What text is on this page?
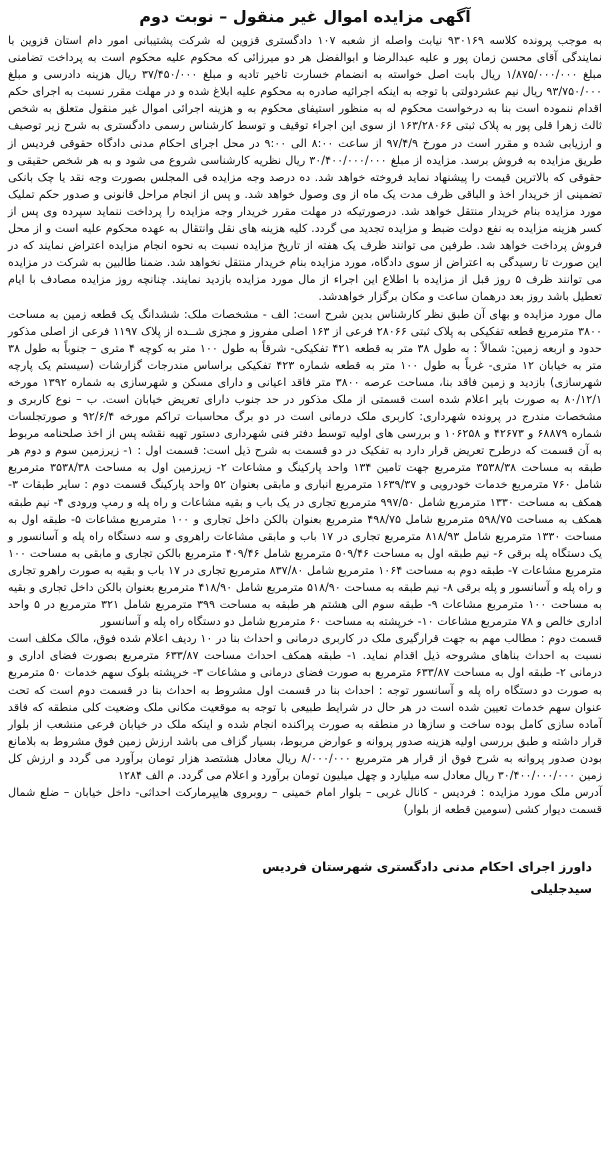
آگهی مزایده اموال غیر منقول – نوبت دوم

به موجب پرونده کلاسه ۹۳۰۱۶۹ نیابت واصله از شعبه ۱۰۷ دادگستری قزوین له شرکت پشتیبانی امور دام استان قزوین با نمایندگی آقای محسن زمان پور و علیه عبدالرضا و ابوالفضل هر دو میرزائی که محکوم علیه محکوم است به پرداخت تضامنی مبلغ ۱/۸۷۵/۰۰۰/۰۰۰ ریال بابت اصل خواسته به انضمام خسارت تاخیر تادیه و مبلغ ۳۷/۴۵۰/۰۰۰ ریال هزینه دادرسی و مبلغ ۹۳/۷۵۰/۰۰۰ ریال نیم عشردولتی با توجه به اینکه اجرائیه صادره به محکوم علیه ابلاغ شده و در مهلت مقرر نسبت به اجرای حکم اقدام ننموده است بنا به درخواست محکوم له به منظور استیفای محکوم به و هزینه اجرائی اموال غیر منقول متعلق به شخص ثالث زهرا قلی پور به پلاک ثبتی ۱۶۳/۲۸۰۶۶ از سوی این اجراء توقیف و توسط کارشناس رسمی دادگستری به شرح زیر توصیف و ارزیابی شده و مقرر است در مورخ ۹۷/۴/۹ از ساعت ۸:۰۰ الی ۹:۰۰ در محل اجرای احکام مدنی دادگاه حقوقی فردیس از طریق مزایده به فروش برسد. مزایده از مبلغ ۳۰/۴۰۰/۰۰۰/۰۰۰ ریال نظریه کارشناسی شروع می شود و به هر شخص حقیقی و حقوقی که بالاترین قیمت را پیشنهاد نماید فروخته خواهد شد. ده درصد وجه مزایده فی المجلس بصورت وجه نقد یا چک بانکی تضمینی از خریدار اخذ و الباقی ظرف مدت یک ماه از وی وصول خواهد شد. و پس از انجام مراحل قانونی و صدور حکم تملیک مورد مزایده بنام خریدار منتقل خواهد شد. درصورتیکه در مهلت مقرر خریدار وجه مزایده را پرداخت ننماید سپرده وی پس از کسر هزینه مزایده به نفع دولت ضبط و مزایده تجدید می گردد. کلیه هزینه های نقل وانتقال به عهده محکوم علیه است و از محل فروش پرداخت خواهد شد. طرفین می توانند ظرف یک هفته از تاریخ مزایده نسبت به نحوه انجام مزایده اعتراض نمایند که در این صورت تا رسیدگی به اعتراض از سوی دادگاه، مورد مزایده بنام خریدار منتقل نخواهد شد. ضمنا طالبین به شرکت در مزایده می توانند ظرف ۵ روز قبل از مزایده با اطلاع این اجراء از مال مورد مزایده بازدید نمایند. چنانچه روز مزایده مصادف با ایام تعطیل باشد روز بعد درهمان ساعت و مکان برگزار خواهدشد.

مال مورد مزایده و بهای آن طبق نظر کارشناس بدین شرح است: الف - مشخصات ملک: ششدانگ یک قطعه زمین به مساحت ۳۸۰۰ مترمربع قطعه تفکیکی به پلاک ثبتی ۲۸۰۶۶ فرعی از ۱۶۳ اصلی مفروز و مجزی شــده از پلاک ۱۱۹۷ فرعی از اصلی مذکور حدود و اربعه زمین: شمالاً : به طول ۳۸ متر به قطعه ۴۲۱ تفکیکی- شرقاً به طول ۱۰۰ متر به کوچه ۴ متری – جنوباً به طول ۳۸ متر به خیابان ۱۲ متری- غرباً به طول ۱۰۰ متر به قطعه شماره ۴۲۳ تفکیکی براساس مندرجات گزارشات (سیستم یک پارچه شهرسازی) بازدید و زمین فاقد بنا، مساحت عرصه ۳۸۰۰ متر فاقد اعیانی و دارای مسکن و شهرسازی به شماره ۱۳۹۲ مورخه ۸۰/۱۲/۱ به صورت بایر اعلام شده است قسمتی از ملک مذکور در حد جنوب دارای تعریض خیابان است. ب – نوع کاربری و مشخصات مندرج در پرونده شهرداری: کاربری ملک درمانی است در دو برگ محاسبات تراکم مورخه ۹۲/۶/۴ و صورتجلسات شماره ۶۸۸۷۹ و ۴۲۶۷۳ و ۱۰۶۲۵۸ و بررسی های اولیه توسط دفتر فنی شهرداری دستور تهیه نقشه پس از اخذ صلحنامه مربوط به آن قسمت که درطرح تعریض قرار دارد به تفکیک در دو قسمت به شرح ذیل است: قسمت اول : ۱- زیرزمین سوم و دوم هر طبقه به مساحت ۳۵۳۸/۳۸ مترمربع جهت تامین ۱۳۴ واحد پارکینگ و مشاعات ۲- زیرزمین اول به مساحت ۳۵۳۸/۳۸ مترمربع شامل ۷۶۰ مترمربع خدمات خودرویی و ۱۶۳۹/۳۷ مترمربع انباری و مابقی بعنوان ۵۲ واحد پارکینگ قسمت دوم : سایر طبقات ۳- همکف به مساحت ۱۳۳۰ مترمربع شامل ۹۹۷/۵۰ مترمربع تجاری در یک باب و بقیه مشاعات و راه پله و رمپ ورودی ۴- نیم طبقه همکف به مساحت ۵۹۸/۷۵ مترمربع شامل ۴۹۸/۷۵ مترمربع بعنوان بالکن داخل تجاری و ۱۰۰ مترمربع مشاعات ۵- طبقه اول به مساحت ۱۳۳۰ مترمربع شامل ۸۱۸/۹۳ مترمربع تجاری در ۱۷ باب و مابقی مشاعات راهروی و سه دستگاه راه پله و آسانسور و یک دستگاه پله برقی ۶- نیم طبقه اول به مساحت ۵۰۹/۴۶ مترمربع شامل ۴۰۹/۴۶ مترمربع بالکن تجاری و مابقی به مساحت ۱۰۰ مترمربع مشاعات ۷- طبقه دوم به مساحت ۱۰۶۴ مترمربع شامل ۸۳۷/۸۰ مترمربع تجاری در ۱۷ باب و بقیه به صورت راهرو تجاری و راه پله و آسانسور و پله برقی ۸- نیم طبقه به مساحت ۵۱۸/۹۰ مترمربع شامل ۴۱۸/۹۰ مترمربع بعنوان بالکن داخل تجاری و بقیه به مساحت ۱۰۰ مترمربع مشاعات ۹- طبقه سوم الی هشتم هر طبقه به مساحت ۳۹۹ مترمربع شامل ۳۲۱ مترمربع در ۵ واحد اداری خالص و ۷۸ مترمربع مشاعات ۱۰- خرپشته به مساحت ۶۰ مترمربع شامل دو دستگاه راه پله و آسانسور

قسمت دوم : مطالب مهم به جهت قرارگیری ملک در کاربری درمانی و احداث بنا در ۱۰ ردیف اعلام شده فوق، مالک مکلف است نسبت به احداث بناهای مشروحه ذیل اقدام نماید. ۱- طبقه همکف احداث مساحت ۶۳۳/۸۷ مترمربع بصورت فضای اداری و درمانی ۲- طبقه اول به مساحت ۶۳۳/۸۷ مترمربع به صورت فضای درمانی و مشاعات ۳- خرپشته بلوک سهم خدمات ۵۰ مترمربع به صورت دو دستگاه راه پله و آسانسور توجه : احداث بنا در قسمت اول مشروط به احداث بنا در قسمت دوم است که تحت عنوان سهم خدمات تعیین شده است در هر حال در شرایط طبیعی با توجه به موقعیت مکانی ملک وضعیت کلی منطقه که فاقد آماده سازی کامل بوده ساخت و سازها در منطقه به صورت پراکنده انجام شده و اینکه ملک در خیابان فرعی منشعب از بلوار قرار داشته و طبق بررسی اولیه هزینه صدور پروانه و عوارض مربوط، بسیار گزاف می باشد ارزش زمین فوق مشروط به بلامانع بودن صدور پروانه به شرح فوق از قرار هر مترمربع ۸/۰۰۰/۰۰۰ ریال معادل هشتصد هزار تومان برآورد می گردد و ارزش کل زمین ۳۰/۴۰۰/۰۰۰/۰۰۰ ریال معادل سه میلیارد و چهل میلیون تومان برآورد و اعلام می گردد. م الف ۱۲۸۴

آدرس ملک مورد مزایده : فردیس - کانال غربی – بلوار امام خمینی – روبروی هایپرمارکت احداثی- داخل خیابان – ضلع شمال قسمت دیوار کشی (سومین قطعه از بلوار)

داورز اجرای احکام مدنی دادگستری شهرستان فردیس
سیدجلیلی
